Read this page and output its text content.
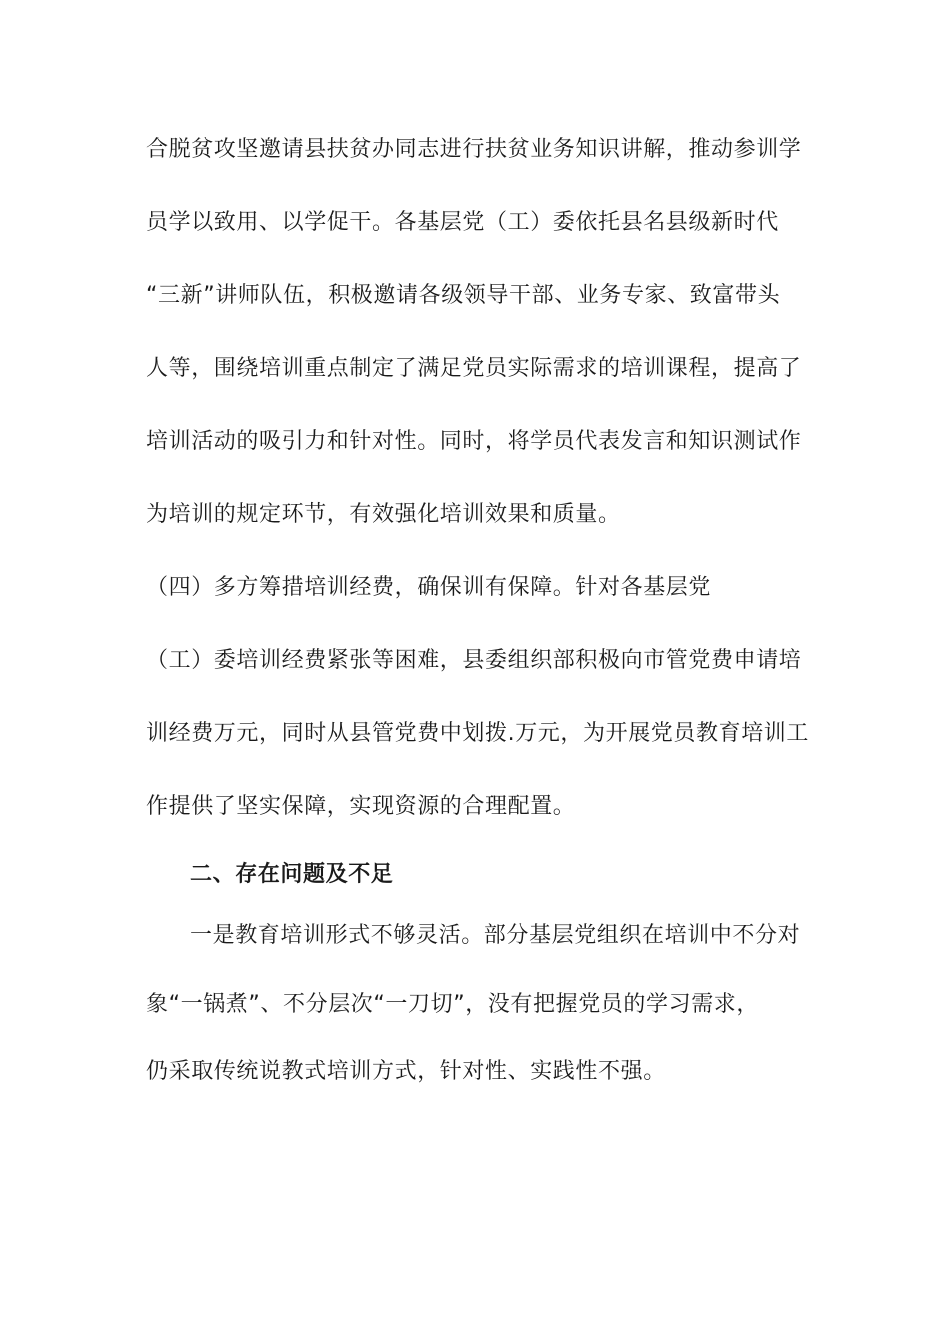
合脱贫攻坚邀请县扶贫办同志进行扶贫业务知识讲解，推动参训学
员学以致用、以学促干。各基层党（工）委依托县名县级新时代
“三新”讲师队伍，积极邀请各级领导干部、业务专家、致富带头
人等，围绕培训重点制定了满足党员实际需求的培训课程，提高了
培训活动的吸引力和针对性。同时，将学员代表发言和知识测试作
为培训的规定环节，有效强化培训效果和质量。
（四）多方筹措培训经费，确保训有保障。针对各基层党
（工）委培训经费紧张等困难，县委组织部积极向市管党费申请培
训经费万元，同时从县管党费中划拨.万元，为开展党员教育培训工
作提供了坚实保障，实现资源的合理配置。
二、存在问题及不足
一是教育培训形式不够灵活。部分基层党组织在培训中不分对
象“一锅煮”、不分层次“一刀切”，没有把握党员的学习需求，
仍采取传统说教式培训方式，针对性、实践性不强。
